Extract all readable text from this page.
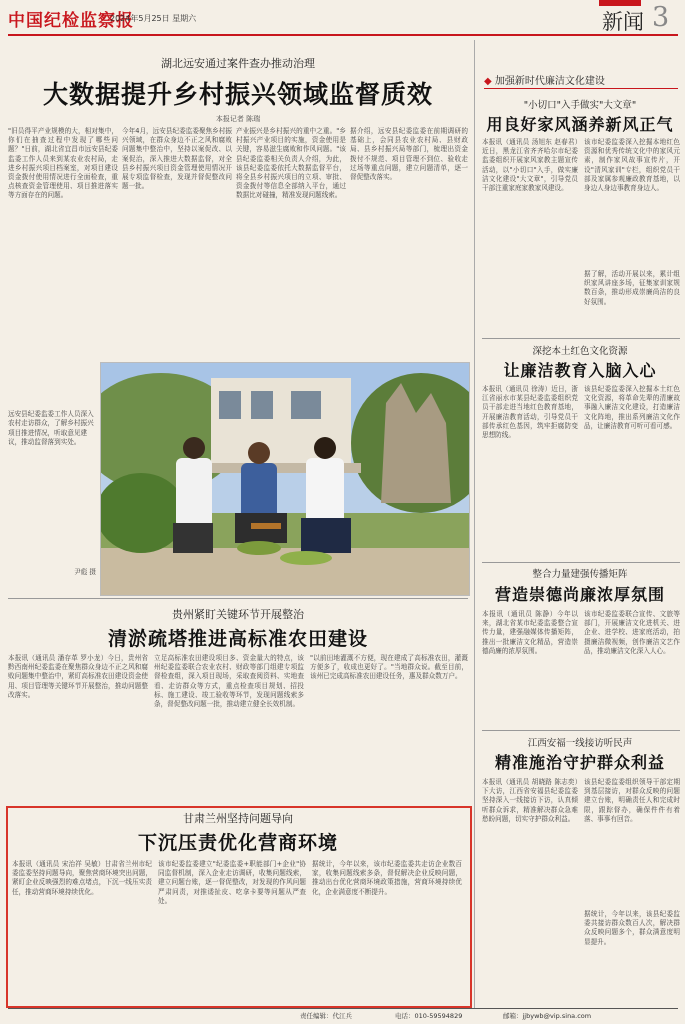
中国纪检监察报
2024年5月25日 星期六	新闻 3
湖北远安通过案件查办推动治理
大数据提升乡村振兴领域监督质效
本报记者 陈瑞
"旧员得平产业规模的大，相对集中，你们在抽查过程中发现了哪些问题？"日前，湖北省宜昌市远安县纪委监委工作人员来到某农业农村局，走进乡村振兴项目档案室，对项目建设资金拨付使用情况进行全面检查，重点核查资金管理使用、项目推进落实等方面存在的问题。
今年4月，远安县纪委监委聚焦乡村振兴领域，在群众身边不正之风和腐败问题集中整治中，坚持以案促改、以案促治，深入推进大数据监督，对全县乡村振兴项目资金管理使用情况开展专项监督检查，发现并督促整改问题一批。
产业振兴是乡村振兴的重中之重。"乡村振兴产业项目的实施，资金使用是关键，容易滋生腐败和作风问题。"该县纪委监委相关负责人介绍，为此，该县纪委监委依托大数据监督平台，将全县乡村振兴项目的立项、审批、资金拨付等信息全部纳入平台，通过数据比对碰撞，精准发现问题线索。
据介绍，远安县纪委监委在前期调研的基础上，会同县农业农村局、县财政局、县乡村振兴局等部门，梳理出资金拨付不规范、项目管理不到位、验收走过场等重点问题，建立问题清单，逐一督促整改落实。
远安县纪委监委工作人员深入农村走访群众，了解乡村振兴项目推进情况，听取意见建议，推动监督落到实处。
尹彪 摄
贵州紧盯关键环节开展整治
清淤疏塔推进高标准农田建设
本报讯（通讯员 潘存革 罗小龙）今日，贵州省黔西南州纪委监委在聚焦群众身边不正之风和腐败问题集中整治中，紧盯高标准农田建设资金使用、项目管理等关键环节开展整治，推动问题整改落实。
立足高标准农田建设项目多、资金量大的特点，该州纪委监委联合农业农村、财政等部门组建专项监督检查组，深入项目现场，采取查阅资料、实地查看、走访群众等方式，重点检查项目规划、招投标、施工建设、竣工验收等环节，发现问题线索多条，督促整改问题一批，推动建立健全长效机制。
"以前田地灌溉不方便，现在建成了高标准农田，灌溉方便多了，收成也更好了。"当地群众说。截至目前，该州已完成高标准农田建设任务，惠及群众数万户。
甘肃兰州坚持问题导向
下沉压责优化营商环境
本报讯（通讯员 宋治祥 吴敏）甘肃省兰州市纪委监委坚持问题导向，聚焦营商环境突出问题，紧盯企业反映强烈的难点堵点，下沉一线压实责任，推动营商环境持续优化。
该市纪委监委建立"纪委监委+职能部门+企业"协同监督机制，深入企业走访调研，收集问题线索，建立问题台账，逐一督促整改，对发现的作风问题严肃问责，对推诿扯皮、吃拿卡要等问题从严查处。
据统计，今年以来，该市纪委监委共走访企业数百家，收集问题线索多条，督促解决企业反映问题，推动出台优化营商环境政策措施，营商环境持续优化，企业满意度不断提升。
◆ 加强新时代廉洁文化建设
"小切口"入手做实"大文章"
用良好家风涵养新风正气
本报讯（通讯员 汤旭东 赵春君）近日，黑龙江省齐齐哈尔市纪委监委组织开展家风家教主题宣传活动，以"小切口"入手，做实廉洁文化建设"大文章"，引导党员干部注重家庭家教家风建设。
该市纪委监委深入挖掘本地红色资源和优秀传统文化中的家风元素，制作家风故事宣传片，开设"清风家训"专栏，组织党员干部及家属参观廉政教育基地，以身边人身边事教育身边人。
据了解，活动开展以来，累计组织家风讲座多场，征集家训家规数百条，推动形成崇廉尚洁的良好氛围。
深挖本土红色文化资源
让廉洁教育入脑入心
本报讯（通讯员 徐涛）近日，浙江省丽水市某县纪委监委组织党员干部走进当地红色教育基地，开展廉洁教育活动，引导党员干部传承红色基因，筑牢拒腐防变思想防线。
该县纪委监委深入挖掘本土红色文化资源，将革命先辈的清廉故事融入廉洁文化建设，打造廉洁文化阵地，推出系列廉洁文化作品，让廉洁教育可听可看可感。
整合力量建强传播矩阵
营造崇德尚廉浓厚氛围
本报讯（通讯员 陈静）今年以来，湖北省某市纪委监委整合宣传力量，建强融媒体传播矩阵，推出一批廉洁文化精品，营造崇德尚廉的浓厚氛围。
该市纪委监委联合宣传、文旅等部门，开展廉洁文化进机关、进企业、进学校、进家庭活动，拍摄廉洁微视频，创作廉洁文艺作品，推动廉洁文化深入人心。
江西安福一线接访听民声
精准施治守护群众利益
本报讯（通讯员 胡晓路 陈志奕）下大访，江西省安福县纪委监委坚持深入一线接访下访，认真倾听群众诉求，精准解决群众急难愁盼问题，切实守护群众利益。
该县纪委监委组织领导干部定期到基层接访，对群众反映的问题建立台账，明确责任人和完成时限，跟踪督办，确保件件有着落、事事有回音。
据统计，今年以来，该县纪委监委共接访群众数百人次，解决群众反映问题多个，群众满意度明显提升。
责任编辑：代江兵	电话：010-59594829	邮箱：jjbywb@vip.sina.com
